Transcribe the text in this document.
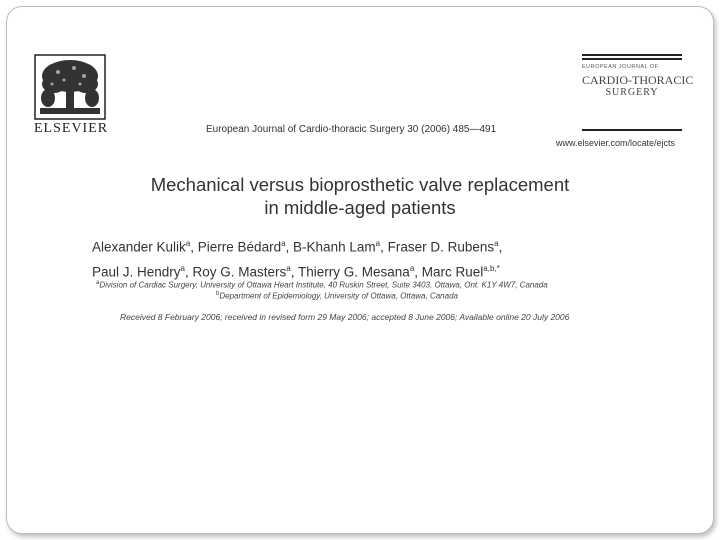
ELSEVIER	European Journal of Cardio-thoracic Surgery 30 (2006) 485—491
EUROPEAN JOURNAL OF
CARDIO-THORACIC
SURGERY
www.elsevier.com/locate/ejcts
Mechanical versus bioprosthetic valve replacement
in middle-aged patients
Alexander Kulik$^a$, Pierre Bédard$^a$, B-Khanh Lam$^a$, Fraser D. Rubens$^a$,
Paul J. Hendry$^a$, Roy G. Masters$^a$, Thierry G. Mesana$^a$, Marc Ruel$^{a,b,*}$
$^a$Division of Cardiac Surgery, University of Ottawa Heart Institute, 40 Ruskin Street, Suite 3403, Ottawa, Ont. K1Y 4W7, Canada
$^b$Department of Epidemiology, University of Ottawa, Ottawa, Canada
Received 8 February 2006; received in revised form 29 May 2006; accepted 8 June 2006; Available online 20 July 2006
